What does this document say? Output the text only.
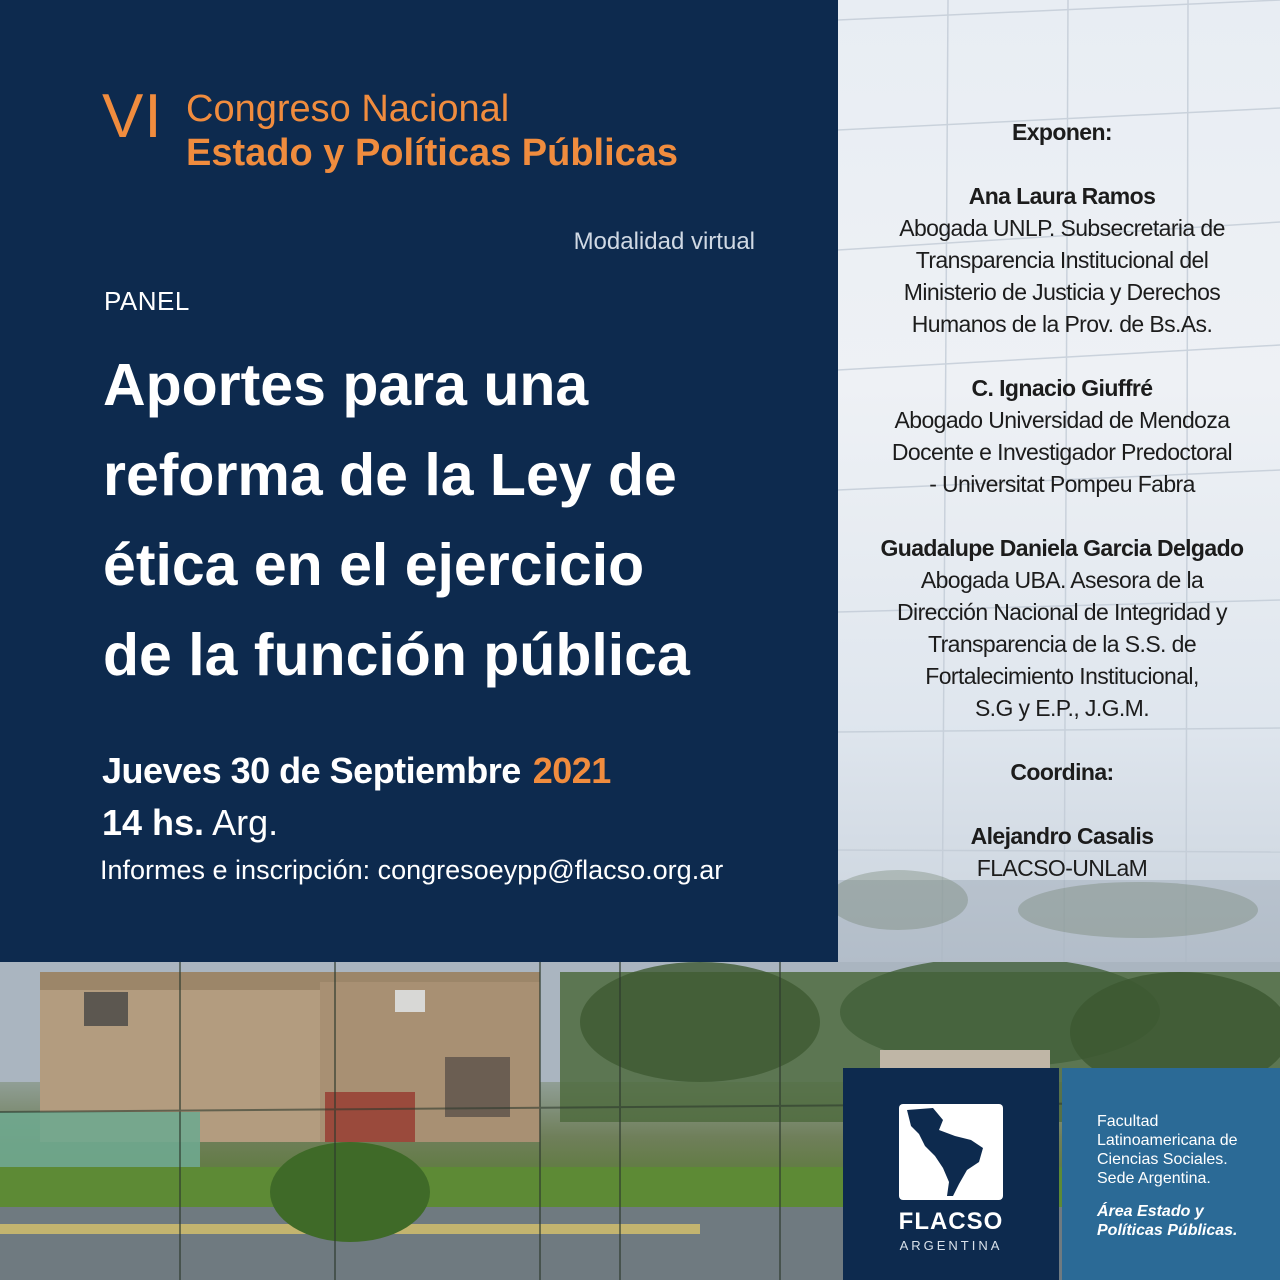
VI Congreso Nacional
Estado y Políticas Públicas
Modalidad virtual
PANEL
Aportes para una
reforma de la Ley de
ética en el ejercicio
de la función pública
Jueves 30 de Septiembre 2021
14 hs. Arg.
Informes e inscripción: congresoeypp@flacso.org.ar
Exponen:
Ana Laura Ramos
Abogada UNLP. Subsecretaria de
Transparencia Institucional del
Ministerio de Justicia y Derechos
Humanos de la Prov. de Bs.As.
C. Ignacio Giuffré
Abogado Universidad de Mendoza
Docente e Investigador Predoctoral
- Universitat Pompeu Fabra
Guadalupe Daniela Garcia Delgado
Abogada UBA. Asesora de la
Dirección Nacional de Integridad y
Transparencia de la S.S. de
Fortalecimiento Institucional,
S.G y E.P., J.G.M.
Coordina:
Alejandro Casalis
FLACSO-UNLaM
FLACSO
ARGENTINA
Facultad
Latinoamericana de
Ciencias Sociales.
Sede Argentina.
Área Estado y
Políticas Públicas.
